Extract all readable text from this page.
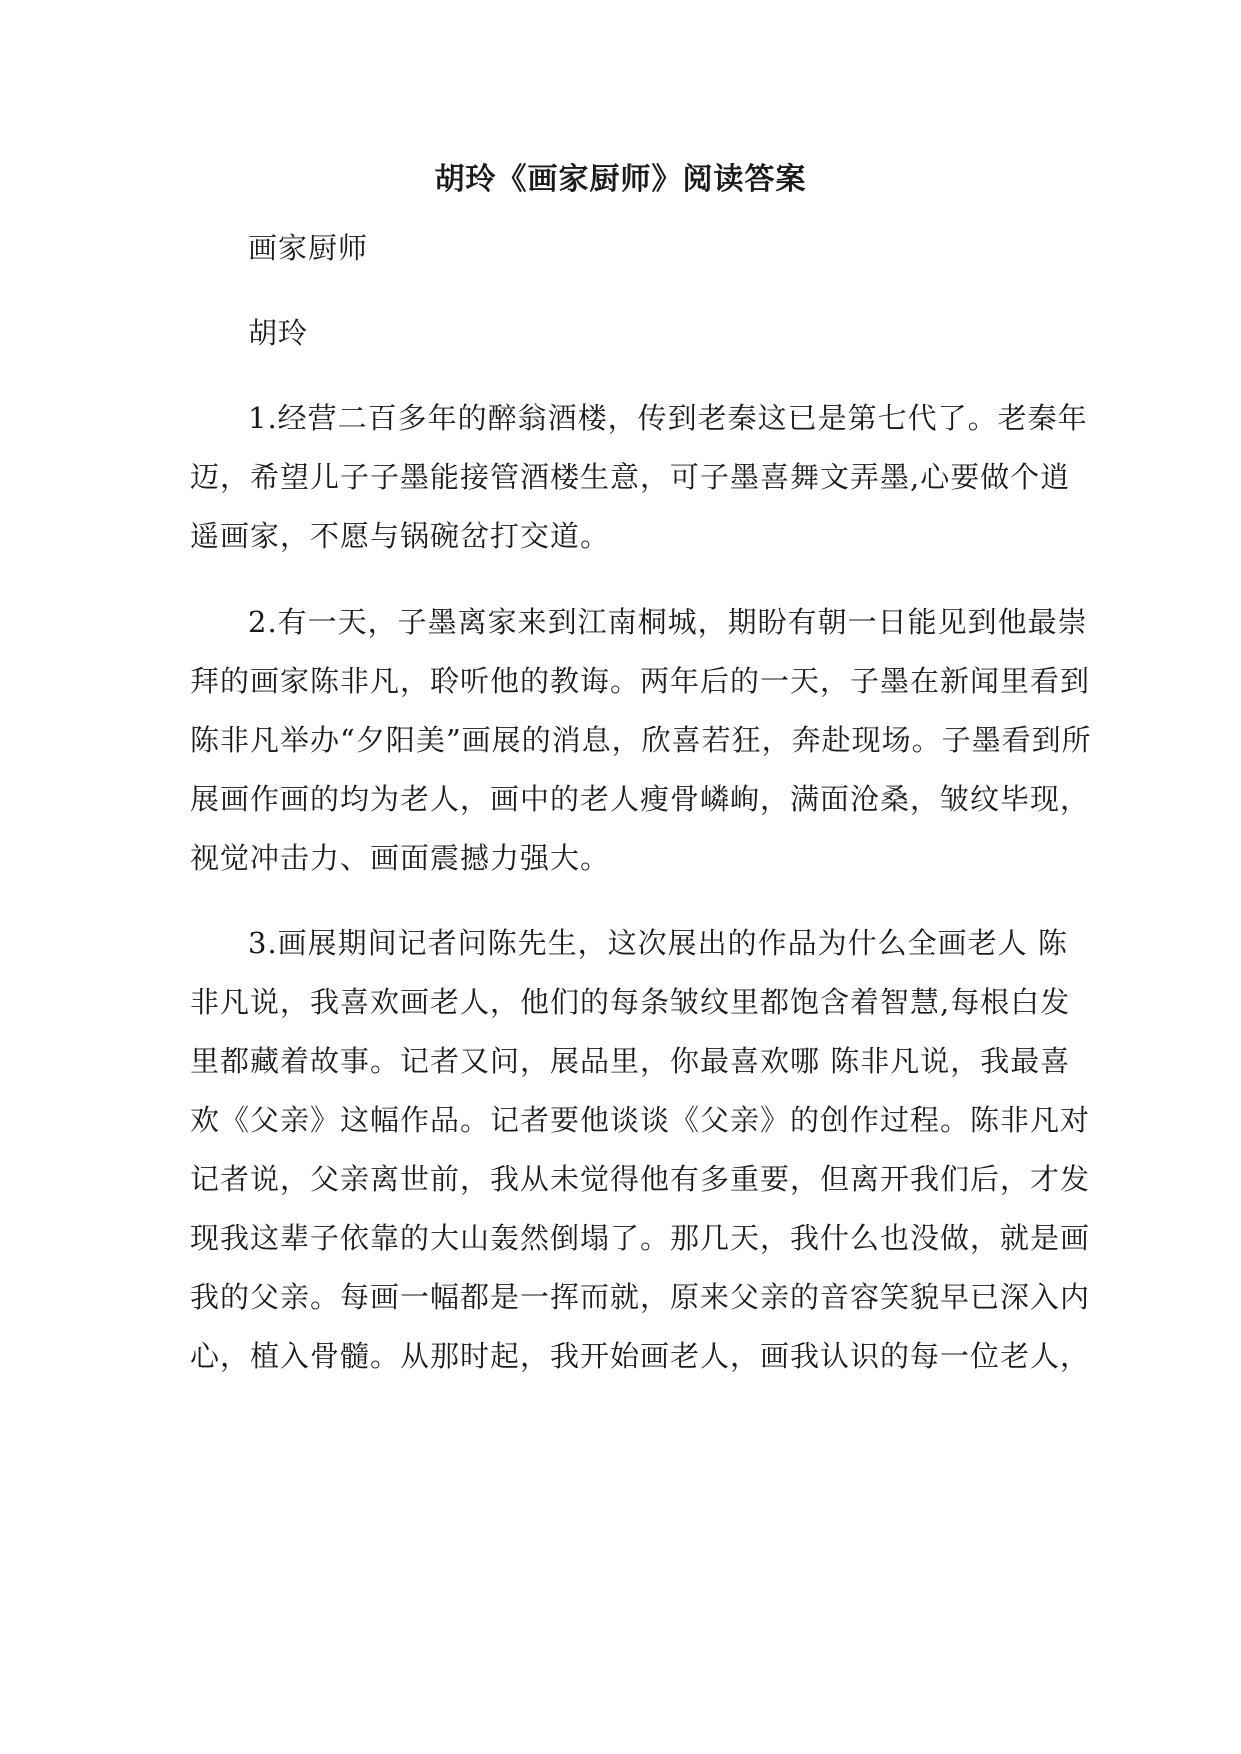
胡玲《画家厨师》阅读答案
画家厨师
胡玲
1.经营二百多年的醉翁酒楼，传到老秦这已是第七代了。老秦年
迈，希望儿子子墨能接管酒楼生意，可子墨喜舞文弄墨,心要做个逍
遥画家，不愿与锅碗岔打交道。
2.有一天，子墨离家来到江南桐城，期盼有朝一日能见到他最崇
拜的画家陈非凡，聆听他的教诲。两年后的一天，子墨在新闻里看到
陈非凡举办“夕阳美”画展的消息，欣喜若狂，奔赴现场。子墨看到所
展画作画的均为老人，画中的老人瘦骨嶙峋，满面沧桑，皱纹毕现，
视觉冲击力、画面震撼力强大。
3.画展期间记者问陈先生，这次展出的作品为什么全画老人 陈
非凡说，我喜欢画老人，他们的每条皱纹里都饱含着智慧,每根白发
里都藏着故事。记者又问，展品里，你最喜欢哪 陈非凡说，我最喜
欢《父亲》这幅作品。记者要他谈谈《父亲》的创作过程。陈非凡对
记者说，父亲离世前，我从未觉得他有多重要，但离开我们后，才发
现我这辈子依靠的大山轰然倒塌了。那几天，我什么也没做，就是画
我的父亲。每画一幅都是一挥而就，原来父亲的音容笑貌早已深入内
心，植入骨髓。从那时起，我开始画老人，画我认识的每一位老人，
